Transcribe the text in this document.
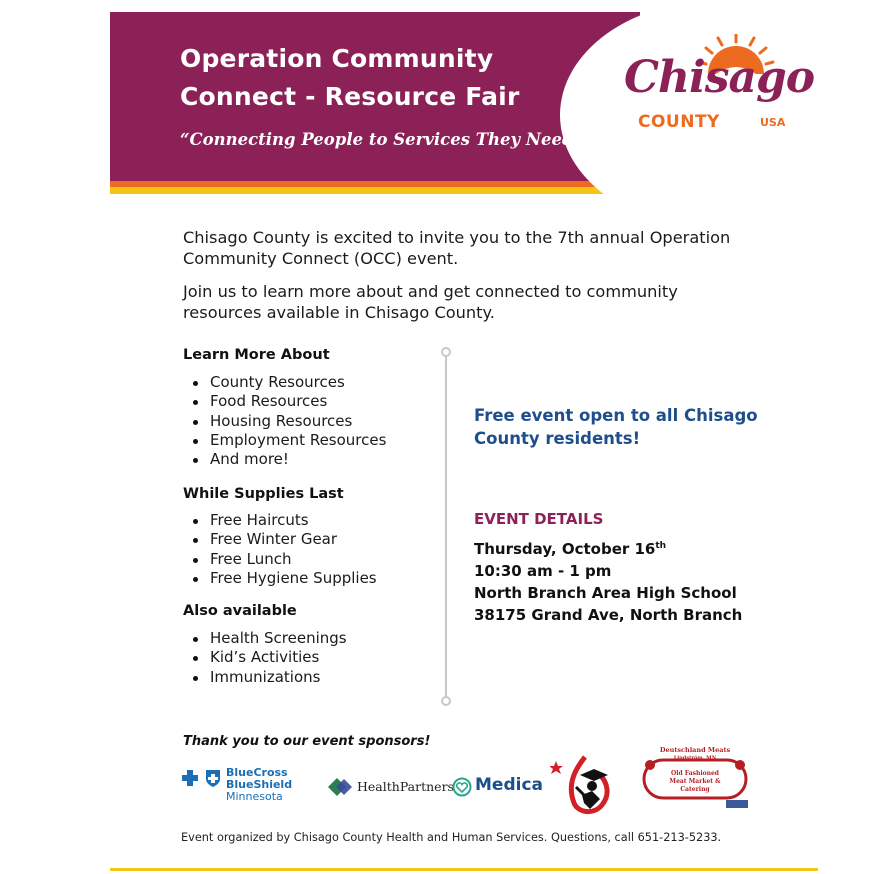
Operation Community Connect - Resource Fair
“Connecting People to Services They Need”
Chisago
COUNTY	USA

Chisago County is excited to invite you to the 7th annual Operation Community Connect (OCC) event.

Join us to learn more about and get connected to community resources available in Chisago County.

Learn More About
County Resources
Food Resources
Housing Resources
Employment Resources
And more!
While Supplies Last
Free Haircuts
Free Winter Gear
Free Lunch
Free Hygiene Supplies
Also available
Health Screenings
Kid’s Activities
Immunizations
Free event open to all Chisago County residents!
EVENT DETAILS
Thursday, October 16th
10:30 am - 1 pm
North Branch Area High School
38175 Grand Ave, North Branch
Thank you to our event sponsors!
BlueCross
BlueShield
Minnesota
HealthPartners Medica
Deutschland Meats
Lindström, MN
Old Fashioned
Meat Market &
Catering
Event organized by Chisago County Health and Human Services. Questions, call 651-213-5233.
